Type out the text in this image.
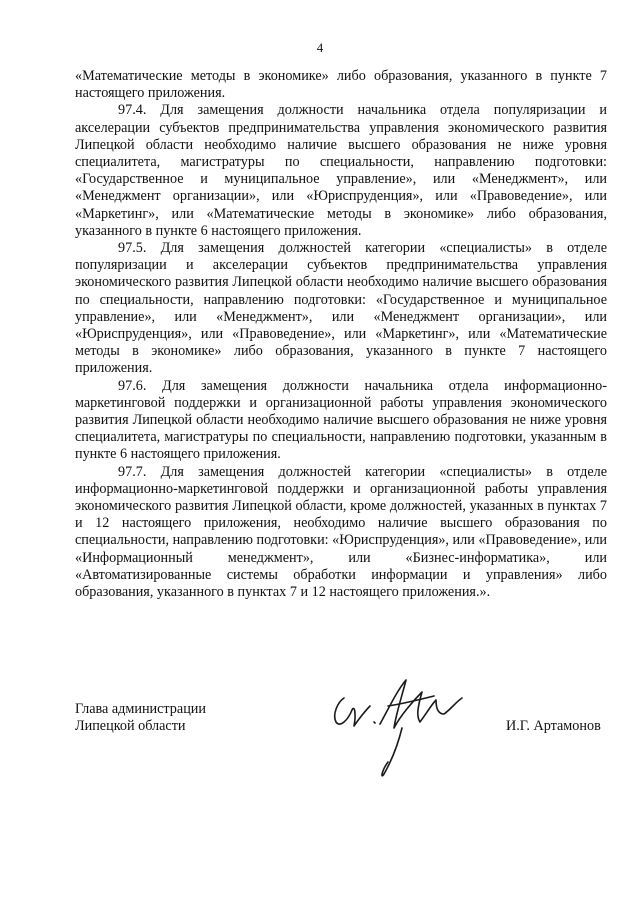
4

«Математические методы в экономике» либо образования, указанного в пункте 7 настоящего приложения.

97.4. Для замещения должности начальника отдела популяризации и акселерации субъектов предпринимательства управления экономического развития Липецкой области необходимо наличие высшего образования не ниже уровня специалитета, магистратуры по специальности, направлению подготовки: «Государственное и муниципальное управление», или «Менеджмент», или «Менеджмент организации», или «Юриспруденция», или «Правоведение», или «Маркетинг», или «Математические методы в экономике» либо образования, указанного в пункте 6 настоящего приложения.

97.5. Для замещения должностей категории «специалисты» в отделе популяризации и акселерации субъектов предпринимательства управления экономического развития Липецкой области необходимо наличие высшего образования по специальности, направлению подготовки: «Государственное и муниципальное управление», или «Менеджмент», или «Менеджмент организации», или «Юриспруденция», или «Правоведение», или «Маркетинг», или «Математические методы в экономике» либо образования, указанного в пункте 7 настоящего приложения.

97.6. Для замещения должности начальника отдела информационно-маркетинговой поддержки и организационной работы управления экономического развития Липецкой области необходимо наличие высшего образования не ниже уровня специалитета, магистратуры по специальности, направлению подготовки, указанным в пункте 6 настоящего приложения.

97.7. Для замещения должностей категории «специалисты» в отделе информационно-маркетинговой поддержки и организационной работы управления экономического развития Липецкой области, кроме должностей, указанных в пунктах 7 и 12 настоящего приложения, необходимо наличие высшего образования по специальности, направлению подготовки: «Юриспруденция», или «Правоведение», или «Информационный менеджмент», или «Бизнес-информатика», или «Автоматизированные системы обработки информации и управления» либо образования, указанного в пунктах 7 и 12 настоящего приложения.».

Глава администрации
Липецкой области	И.Г. Артамонов
